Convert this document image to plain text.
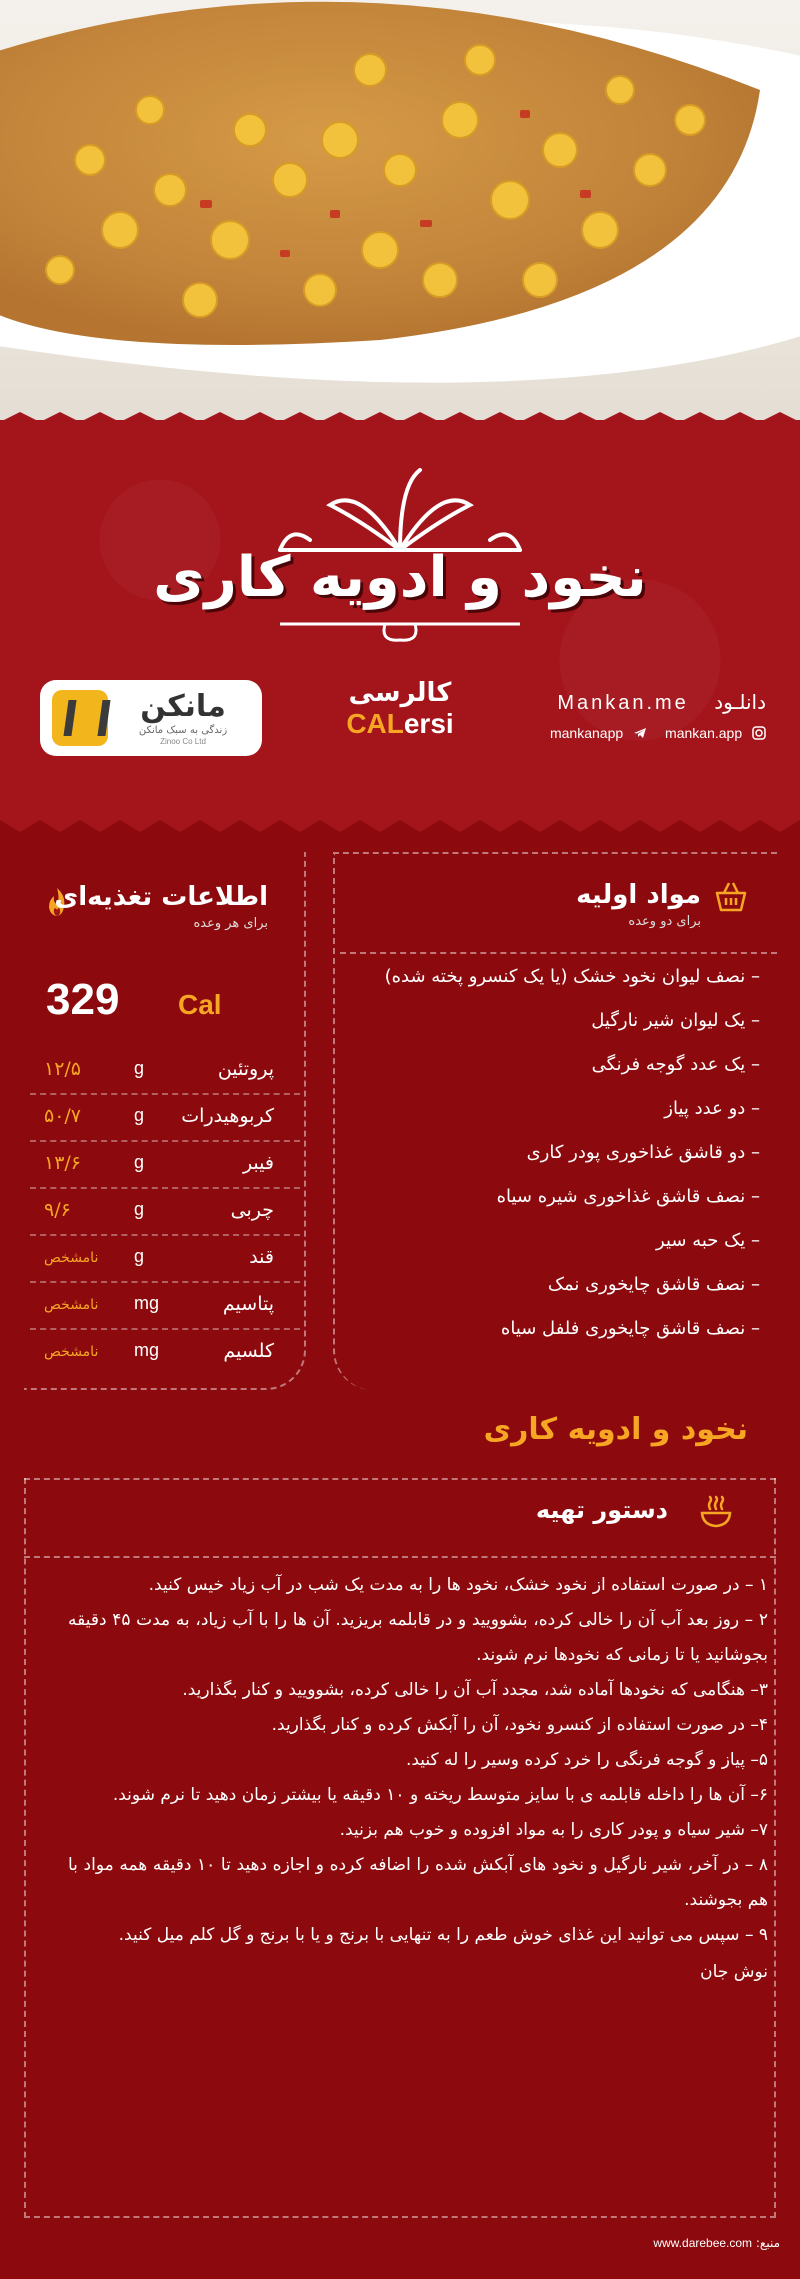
نخود و ادویه کاری
مانکن
زندگی به سبک مانکن
Zinoo Co Ltd
کالرسی
CALersi
دانلـود    Mankan.me
mankan.app
mankanapp
مواد اولیه
برای دو وعده
– نصف لیوان نخود خشک (یا یک کنسرو پخته شده)
– یک لیوان شیر نارگیل
– یک عدد گوجه فرنگی
– دو عدد پیاز
– دو قاشق غذاخوری پودر کاری
– نصف قاشق غذاخوری شیره سیاه
– یک حبه سیر
– نصف قاشق چایخوری نمک
– نصف قاشق چایخوری فلفل سیاه
اطلاعات تغذیه‌ای
برای هر وعده
329 Cal
پروتئین
g
۱۲/۵
کربوهیدرات
g
۵۰/۷
فیبر
g
۱۳/۶
چربی
g
۹/۶
قند
g
نامشخص
پتاسیم
mg
نامشخص
کلسیم
mg
نامشخص
نخود و ادویه کاری
دستور تهیه

۱ – در صورت استفاده از نخود خشک، نخود ها را به مدت یک شب در آب زیاد خیس کنید.

۲ – روز بعد آب آن را خالی کرده، بشوویید و در قابلمه بریزید. آن ها را با آب زیاد، به مدت ۴۵ دقیقه بجوشانید یا تا زمانی که نخودها نرم شوند.

۳– هنگامی که نخودها آماده شد، مجدد آب آن را خالی کرده، بشوویید و کنار بگذارید.

۴– در صورت استفاده از کنسرو نخود، آن را آبکش کرده و کنار بگذارید.

۵– پیاز و گوجه فرنگی را خرد کرده وسیر را له کنید.

۶– آن ها را داخله قابلمه ی با سایز متوسط ریخته و ۱۰ دقیقه یا بیشتر زمان دهید تا نرم شوند.

۷– شیر سیاه و پودر کاری را به مواد افزوده و خوب هم بزنید.

۸ – در آخر، شیر نارگیل و نخود های آبکش شده را اضافه کرده و اجازه دهید تا ۱۰ دقیقه همه مواد با هم بجوشند.

۹ – سپس می توانید این غذای خوش طعم را به تنهایی با برنج و یا با برنج و گل کلم میل کنید.

نوش جان

منبع: www.darebee.com
